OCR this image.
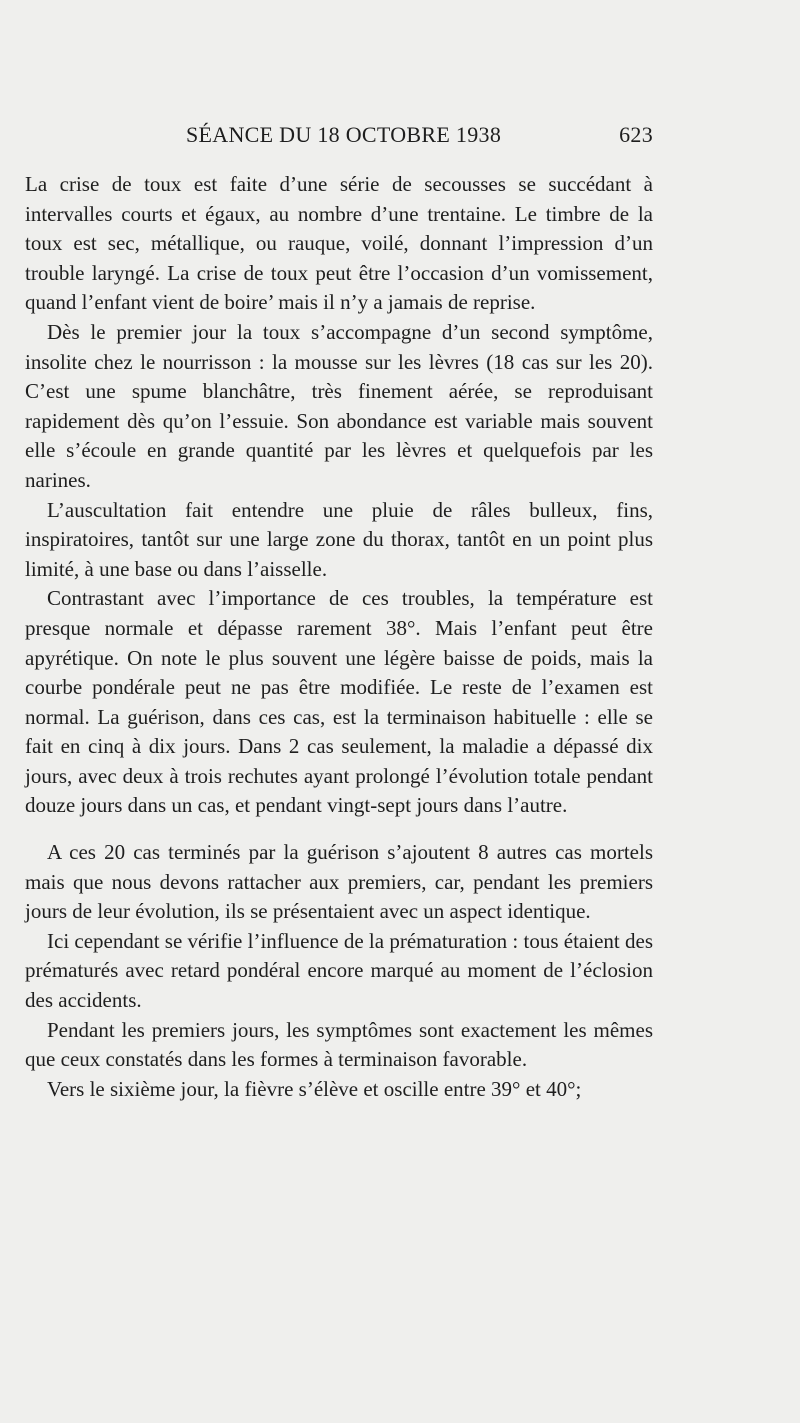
SÉANCE DU 18 OCTOBRE 1938	623

La crise de toux est faite d’une série de secousses se succédant à intervalles courts et égaux, au nombre d’une trentaine. Le timbre de la toux est sec, métallique, ou rauque, voilé, donnant l’impression d’un trouble laryngé. La crise de toux peut être l’occasion d’un vomissement, quand l’enfant vient de boire’ mais il n’y a jamais de reprise.

Dès le premier jour la toux s’accompagne d’un second symptôme, insolite chez le nourrisson : la mousse sur les lèvres (18 cas sur les 20). C’est une spume blanchâtre, très finement aérée, se reproduisant rapidement dès qu’on l’essuie. Son abondance est variable mais souvent elle s’écoule en grande quantité par les lèvres et quelquefois par les narines.

L’auscultation fait entendre une pluie de râles bulleux, fins, inspiratoires, tantôt sur une large zone du thorax, tantôt en un point plus limité, à une base ou dans l’aisselle.

Contrastant avec l’importance de ces troubles, la température est presque normale et dépasse rarement 38°. Mais l’enfant peut être apyrétique. On note le plus souvent une légère baisse de poids, mais la courbe pondérale peut ne pas être modifiée. Le reste de l’examen est normal. La guérison, dans ces cas, est la terminaison habituelle : elle se fait en cinq à dix jours. Dans 2 cas seulement, la maladie a dépassé dix jours, avec deux à trois rechutes ayant prolongé l’évolution totale pendant douze jours dans un cas, et pendant vingt-sept jours dans l’autre.

A ces 20 cas terminés par la guérison s’ajoutent 8 autres cas mortels mais que nous devons rattacher aux premiers, car, pendant les premiers jours de leur évolution, ils se présentaient avec un aspect identique.

Ici cependant se vérifie l’influence de la prématuration : tous étaient des prématurés avec retard pondéral encore marqué au moment de l’éclosion des accidents.

Pendant les premiers jours, les symptômes sont exactement les mêmes que ceux constatés dans les formes à terminaison favorable.

Vers le sixième jour, la fièvre s’élève et oscille entre 39° et 40°;
